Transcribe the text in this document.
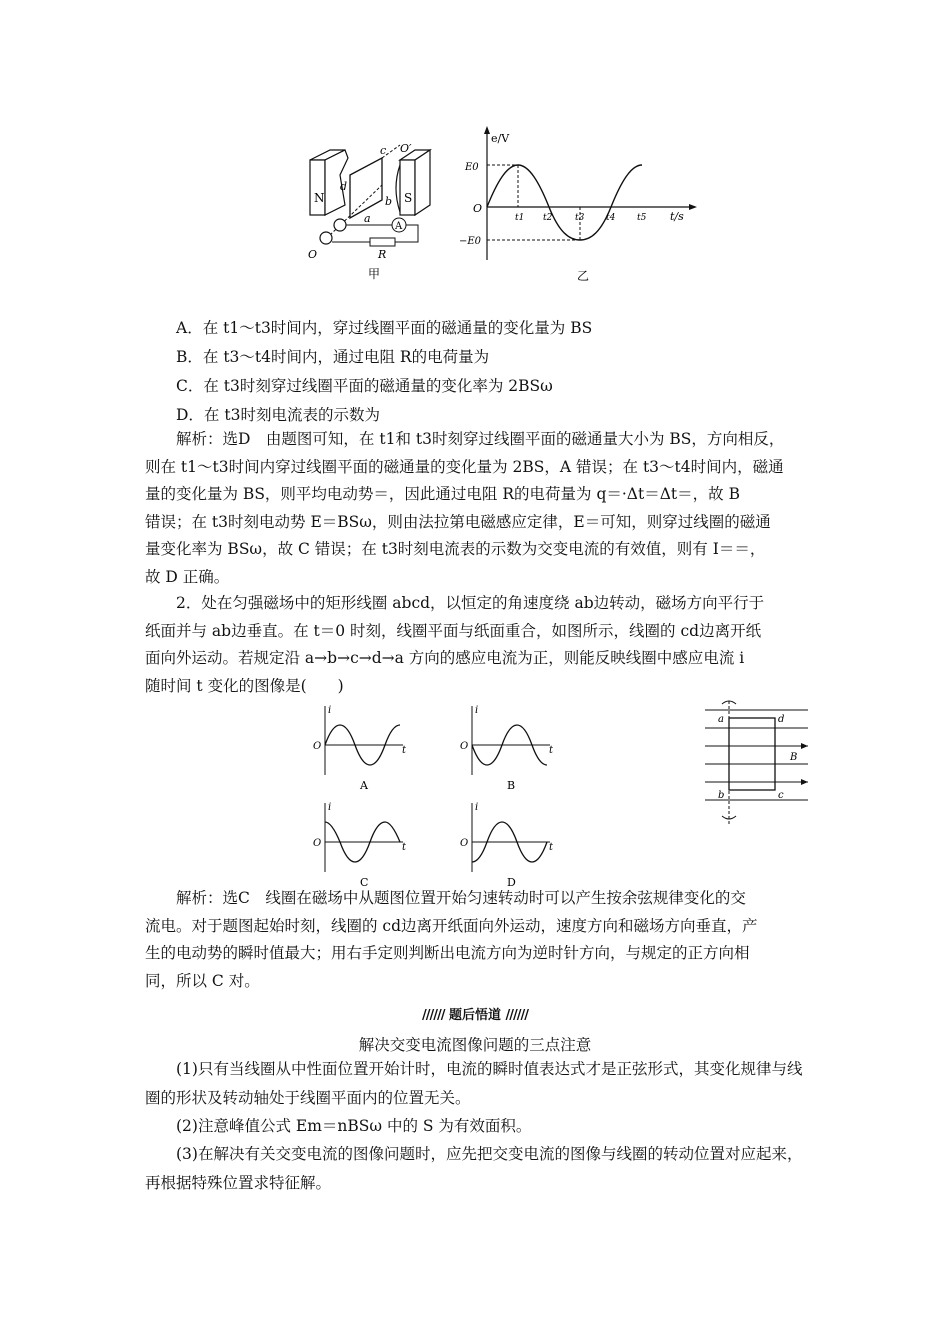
N	S
c
d
b
a
O′
O
A
R
甲
e/V
t/s
E0
−E0
O
t1 t2	t3 t4 t5
乙
A．在 t1～t3时间内，穿过线圈平面的磁通量的变化量为 BS
B．在 t3～t4时间内，通过电阻 R的电荷量为
C．在 t3时刻穿过线圈平面的磁通量的变化率为 2BSω
D．在 t3时刻电流表的示数为
解析：选D　由题图可知，在 t1和 t3时刻穿过线圈平面的磁通量大小为 BS，方向相反，
则在 t1～t3时间内穿过线圈平面的磁通量的变化量为 2BS，A 错误；在 t3～t4时间内，磁通
量的变化量为 BS，则平均电动势＝，因此通过电阻 R的电荷量为 q＝·Δt＝Δt＝，故 B
错误；在 t3时刻电动势 E＝BSω，则由法拉第电磁感应定律，E＝可知，则穿过线圈的磁通
量变化率为 BSω，故 C 错误；在 t3时刻电流表的示数为交变电流的有效值，则有 I＝＝，
故 D 正确。
2．处在匀强磁场中的矩形线圈 abcd，以恒定的角速度绕 ab边转动，磁场方向平行于
纸面并与 ab边垂直。在 t＝0 时刻，线圈平面与纸面重合，如图所示，线圈的 cd边离开纸
面向外运动。若规定沿 a→b→c→d→a 方向的感应电流为正，则能反映线圈中感应电流 i
随时间 t 变化的图像是(　　)
i
t
O
A
i
t
O
B
i
t
O
C
i
t
O
D
a	d
b	c
B
解析：选C　线圈在磁场中从题图位置开始匀速转动时可以产生按余弦规律变化的交
流电。对于题图起始时刻，线圈的 cd边离开纸面向外运动，速度方向和磁场方向垂直，产
生的电动势的瞬时值最大；用右手定则判断出电流方向为逆时针方向，与规定的正方向相
同，所以 C 对。
////// 题后悟道 //////
解决交变电流图像问题的三点注意
(1)只有当线圈从中性面位置开始计时，电流的瞬时值表达式才是正弦形式，其变化规律与线圈的形状及转动轴处于线圈平面内的位置无关。
(2)注意峰值公式 Em＝nBSω 中的 S 为有效面积。
(3)在解决有关交变电流的图像问题时，应先把交变电流的图像与线圈的转动位置对应起来，再根据特殊位置求特征解。
